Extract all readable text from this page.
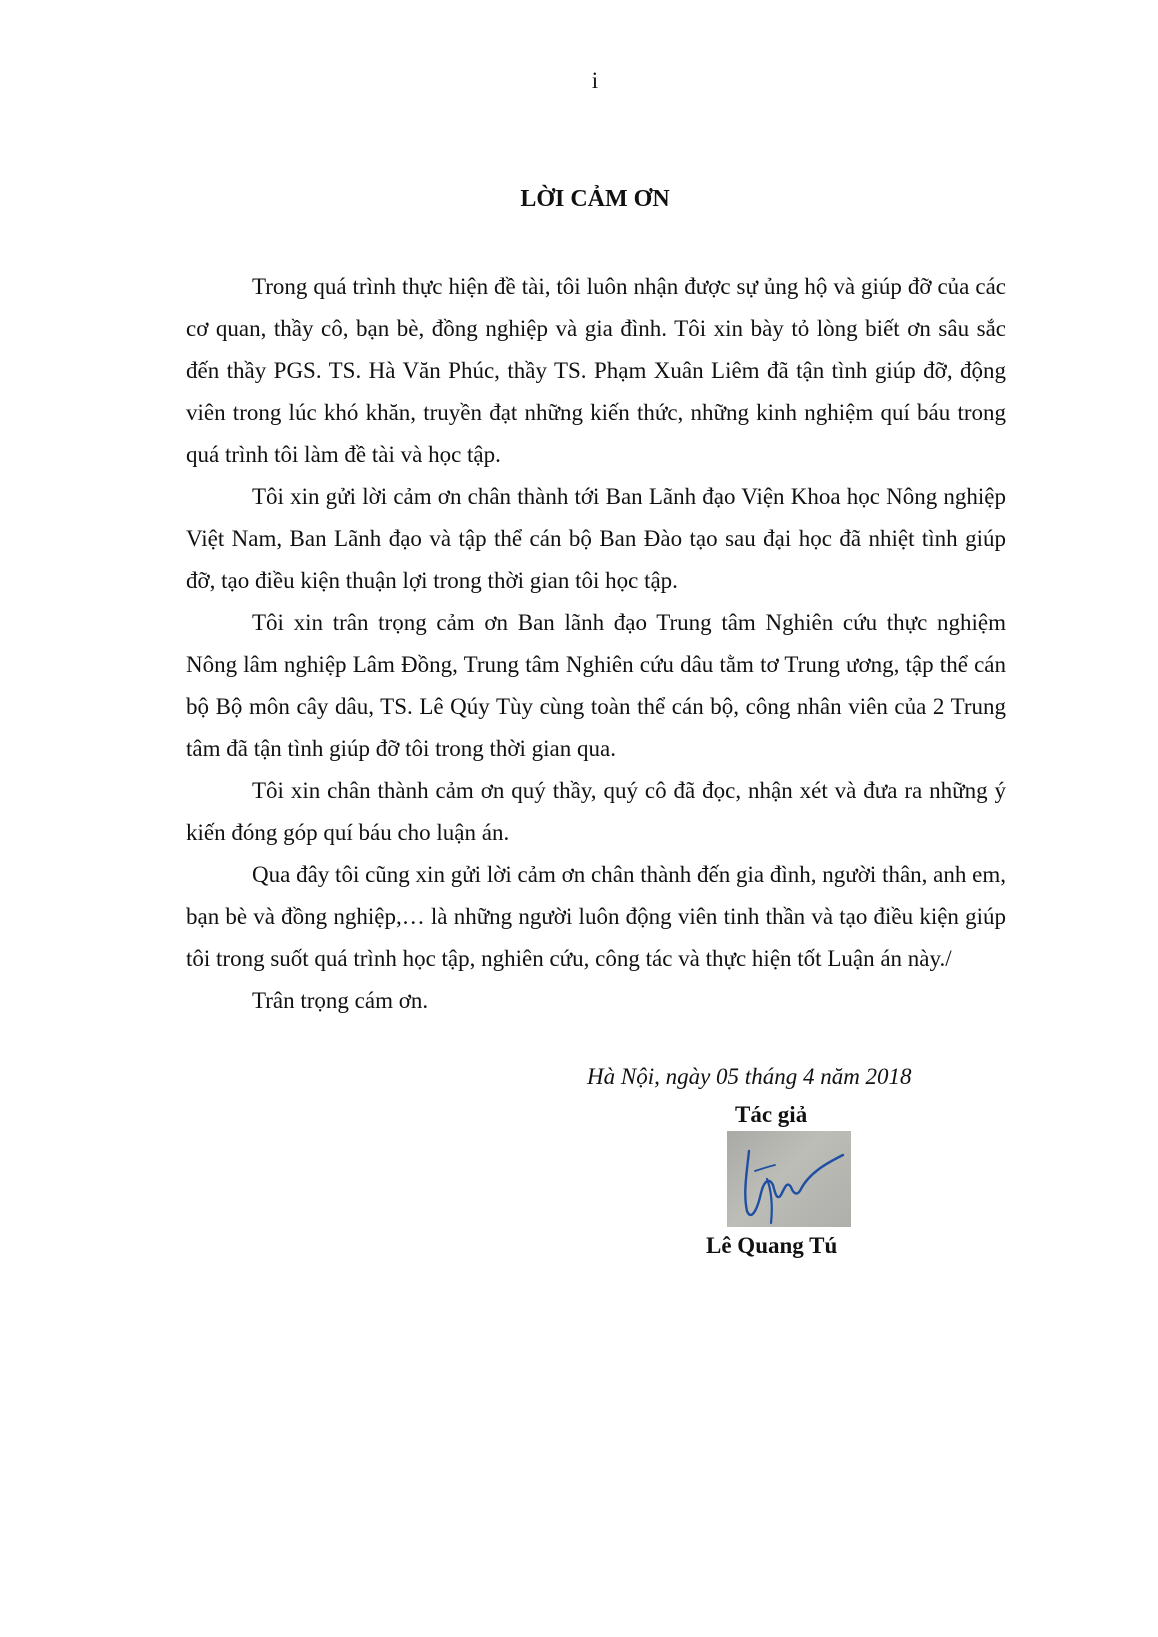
i
LỜI CẢM ƠN

Trong quá trình thực hiện đề tài, tôi luôn nhận được sự ủng hộ và giúp đỡ của các cơ quan, thầy cô, bạn bè, đồng nghiệp và gia đình. Tôi xin bày tỏ lòng biết ơn sâu sắc đến thầy PGS. TS. Hà Văn Phúc, thầy TS. Phạm Xuân Liêm đã tận tình giúp đỡ, động viên trong lúc khó khăn, truyền đạt những kiến thức, những kinh nghiệm quí báu trong quá trình tôi làm đề tài và học tập.

Tôi xin gửi lời cảm ơn chân thành tới Ban Lãnh đạo Viện Khoa học Nông nghiệp Việt Nam, Ban Lãnh đạo và tập thể cán bộ Ban Đào tạo sau đại học đã nhiệt tình giúp đỡ, tạo điều kiện thuận lợi trong thời gian tôi học tập.

Tôi xin trân trọng cảm ơn Ban lãnh đạo Trung tâm Nghiên cứu thực nghiệm Nông lâm nghiệp Lâm Đồng, Trung tâm Nghiên cứu dâu tằm tơ Trung ương, tập thể cán bộ Bộ môn cây dâu, TS. Lê Qúy Tùy cùng toàn thể cán bộ, công nhân viên của 2 Trung tâm đã tận tình giúp đỡ tôi trong thời gian qua.

Tôi xin chân thành cảm ơn quý thầy, quý cô đã đọc, nhận xét và đưa ra những ý kiến đóng góp quí báu cho luận án.

Qua đây tôi cũng xin gửi lời cảm ơn chân thành đến gia đình, người thân, anh em, bạn bè và đồng nghiệp,… là những người luôn động viên tinh thần và tạo điều kiện giúp tôi trong suốt quá trình học tập, nghiên cứu, công tác và thực hiện tốt Luận án này./

Trân trọng cám ơn.

Hà Nội, ngày 05 tháng 4 năm 2018
Tác giả
Lê Quang Tú
